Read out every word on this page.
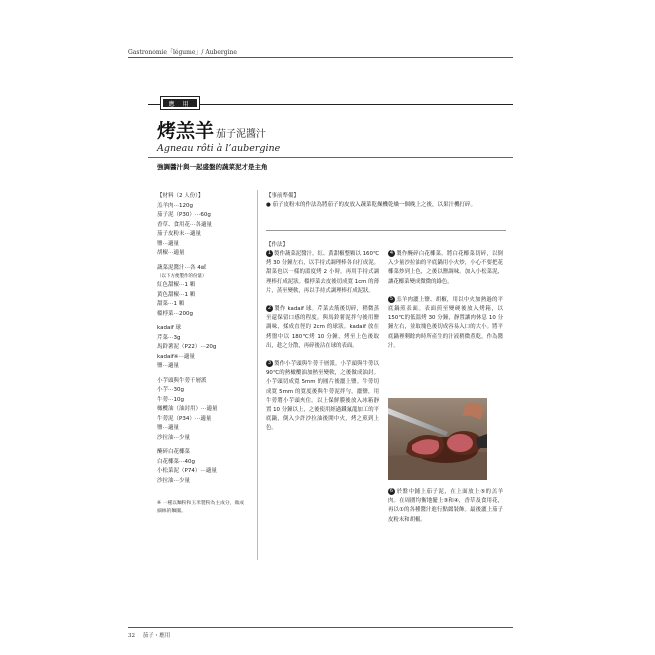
Gastronomie「légume」/ Aubergine
應 用
烤羔羊 茄子泥醬汁
Agneau rôti à l’aubergine
強調醬汁與一起盛盤的蔬菜泥才是主角
【材料（2 人份）】
羔羊肉⋯120g
茄子泥（P30）⋯60g
香草、食用花⋯各適量
茄子皮粉末⋯適量
鹽⋯適量
胡椒⋯適量
蔬菜泥醬汁⋯各 4㎖
（以下方便製作的份量）
紅色甜椒⋯1 顆
黃色甜椒⋯1 顆
甜菜⋯1 顆
榲桲菜⋯200g
kadaif 球
芹菜⋯3g
馬鈴薯泥（P22）⋯20g
kadaif※⋯適量
鹽⋯適量
小芋頭與牛蒡千層派
小芋⋯30g
牛蒡⋯10g
橄欖油（油封用）⋯適量
牛蒡泥（P34）⋯適量
鹽⋯適量
沙拉油⋯少量
醃碎白花椰菜
白花椰菜⋯40g
小松菜泥（P74）⋯適量
沙拉油⋯少量
※ 一種以麵粉和玉米製粉為主成分，做成細絲的麵團。
【事前準備】
● 茄子皮粉末的作法為將茄子的皮放入蔬菜乾燥機乾燥一個晚上之後，以果汁機打碎。
【作法】
1 製作蔬菜泥醬汁。紅、黃甜椒整顆以 160℃烤 30 分鐘左右，以手持式調理棒各自打成泥。甜菜也以一樣的溫度烤 2 小時，再用手持式調理棒打成泥狀。榲桲菜去皮後切成寬 1cm 的薄片，蒸至變軟，再以手持式調理棒打成泥狀。
2 製作 kadaif 球。芹菜去筋後切碎，稍微蒸至還保留口感的程度。與馬鈴薯泥拌勻後用鹽調味，揉成直徑約 2cm 的球狀。kadaif 放在烤盤中以 180℃烤 10 分鐘，烤至上色後取出，趁之分散，再碎後沾在球的表面。
3 製作小芋頭與牛蒡千層派。小芋頭與牛蒡以 90℃的熱橄欖油加熱至變軟，之後做成油封。小芋頭切成寬 5mm 的圓片後灑上鹽。牛蒡切成寬 5mm 的寬度後與牛蒡泥拌勻，灑鹽，用牛蒡將小芋頭夾住。以上保鮮膜後放入冰箱靜置 10 分鐘以上，之後使用經過鐵氟龍加工的平底鍋，倒入少許沙拉油後開中火，烤之煎到上色。
4 製作醃碎白花椰菜。將白花椰菜切碎，以倒入少量沙拉油的平底鍋用小火炒，小心不要把花椰菜炒到上色，之後以鹽調味。加入小松菜泥，讓花椰菜變成微微的綠色。
5 羔羊肉灑上鹽、胡椒，用以中火加熱過的平底鍋煎表面。表面煎至變硬後放入烤箱，以 150℃的低溫烤 30 分鐘，靜置讓肉休息 10 分鐘左右，並取塊色後切成容易入口的大小。將平底鍋裡剩餘肉時所產生的汁液稍微煮乾，作為醬汁。
6 於盤中鋪上茄子泥，在上面放上⑤的羔羊肉。在周圍均衡地擺上③和④，香草及食用花，再以①的各種醬汁進行點綴裝飾。最後灑上茄子皮粉末和胡椒。
32 茄子・應用
